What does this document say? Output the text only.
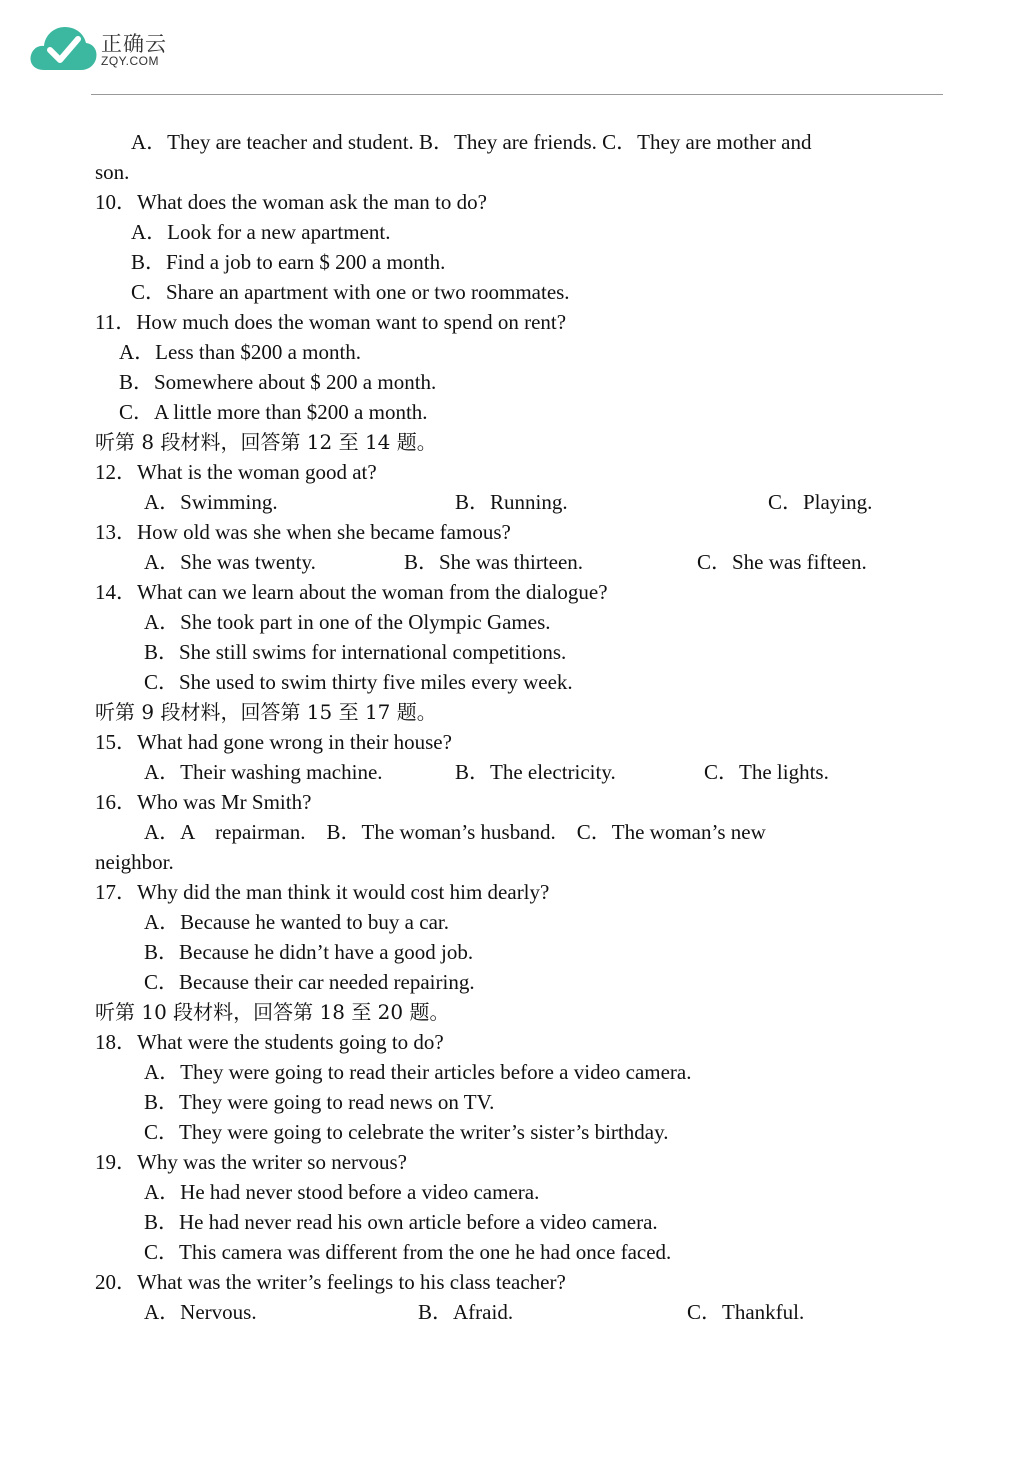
正确云
ZQY.COM
A．They are teacher and student. B．They are friends. C．They are mother and
son.
10．What does the woman ask the man to do?
A．Look for a new apartment.
B．Find a job to earn $ 200 a month.
C．Share an apartment with one or two roommates.
11．How much does the woman want to spend on rent?
A．Less than $200 a month.
B．Somewhere about $ 200 a month.
C．A little more than $200 a month.
听第 8 段材料，回答第 12 至 14 题。
12．What is the woman good at?
A．Swimming.	B．Running.	C．Playing.
13．How old was she when she became famous?
A．She was twenty.	B．She was thirteen.	C．She was fifteen.
14．What can we learn about the woman from the dialogue?
A．She took part in one of the Olympic Games.
B．She still swims for international competitions.
C．She used to swim thirty five miles every week.
听第 9 段材料，回答第 15 至 17 题。
15．What had gone wrong in their house?
A．Their washing machine.	B．The electricity.	C．The lights.
16．Who was Mr Smith?
A．A    repairman.    B．The woman’s husband.    C．The woman’s new
neighbor.
17．Why did the man think it would cost him dearly?
A．Because he wanted to buy a car.
B．Because he didn’t have a good job.
C．Because their car needed repairing.
听第 10 段材料，回答第 18 至 20 题。
18．What were the students going to do?
A．They were going to read their articles before a video camera.
B．They were going to read news on TV.
C．They were going to celebrate the writer’s sister’s birthday.
19．Why was the writer so nervous?
A．He had never stood before a video camera.
B．He had never read his own article before a video camera.
C．This camera was different from the one he had once faced.
20．What was the writer’s feelings to his class teacher?
A．Nervous.	B．Afraid.	C．Thankful.
